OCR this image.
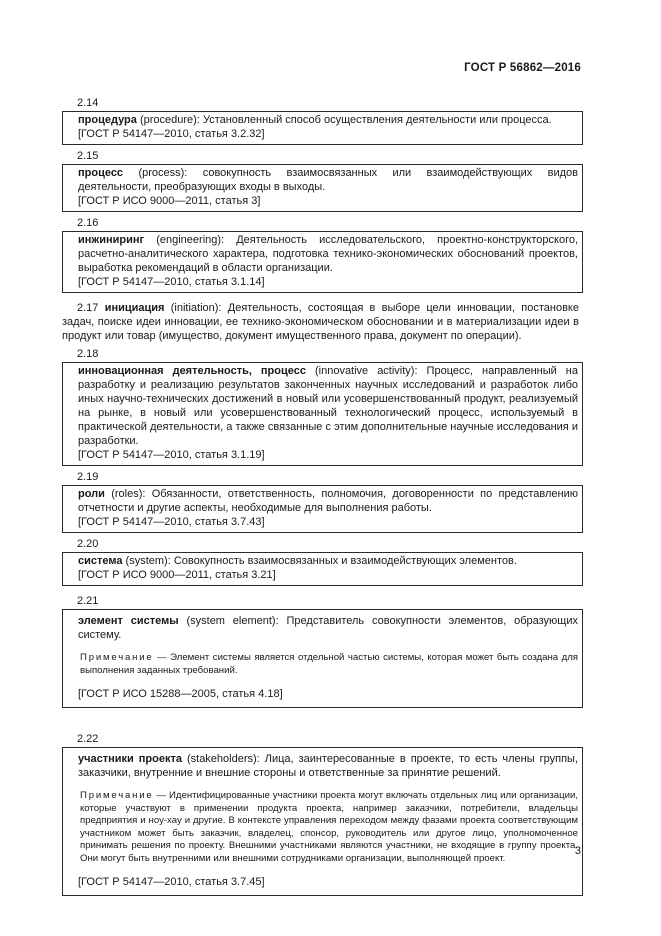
ГОСТ Р 56862—2016
2.14

процедура (procedure): Установленный способ осуществления деятельности или процесса.

[ГОСТ Р 54147—2010, статья 3.2.32]

2.15

процесс (process): совокупность взаимосвязанных или взаимодействующих видов деятельности, преобразующих входы в выходы.

[ГОСТ Р ИСО 9000—2011, статья 3]

2.16

инжиниринг (engineering): Деятельность исследовательского, проектно-конструкторского, расчетно-аналитического характера, подготовка технико-экономических обоснований проектов, выработка рекомендаций в области организации.

[ГОСТ Р 54147—2010, статья 3.1.14]

2.17 инициация (initiation): Деятельность, состоящая в выборе цели инновации, постановке задач, поиске идеи инновации, ее технико-экономическом обосновании и в материализации идеи в продукт или товар (имущество, документ имущественного права, документ по операции).

2.18

инновационная деятельность, процесс (innovative activity): Процесс, направленный на разработку и реализацию результатов законченных научных исследований и разработок либо иных научно-технических достижений в новый или усовершенствованный продукт, реализуемый на рынке, в новый или усовершенствованный технологический процесс, используемый в практической деятельности, а также связанные с этим дополнительные научные исследования и разработки.

[ГОСТ Р 54147—2010, статья 3.1.19]

2.19

роли (roles): Обязанности, ответственность, полномочия, договоренности по представлению отчетности и другие аспекты, необходимые для выполнения работы.

[ГОСТ Р 54147—2010, статья 3.7.43]

2.20

система (system): Совокупность взаимосвязанных и взаимодействующих элементов.

[ГОСТ Р ИСО 9000—2011, статья 3.21]

2.21

элемент системы (system element): Представитель совокупности элементов, образующих систему.

Примечание — Элемент системы является отдельной частью системы, которая может быть создана для выполнения заданных требований.

[ГОСТ Р ИСО 15288—2005, статья 4.18]

2.22

участники проекта (stakeholders): Лица, заинтересованные в проекте, то есть члены группы, заказчики, внутренние и внешние стороны и ответственные за принятие решений.

Примечание — Идентифицированные участники проекта могут включать отдельных лиц или организации, которые участвуют в применении продукта проекта, например заказчики, потребители, владельцы предприятия и ноу-хау и другие. В контексте управления переходом между фазами проекта соответствующим участником может быть заказчик, владелец, спонсор, руководитель или другое лицо, уполномоченное принимать решения по проекту. Внешними участниками являются участники, не входящие в группу проекта. Они могут быть внутренними или внешними сотрудниками организации, выполняющей проект.

[ГОСТ Р 54147—2010, статья 3.7.45]

3
